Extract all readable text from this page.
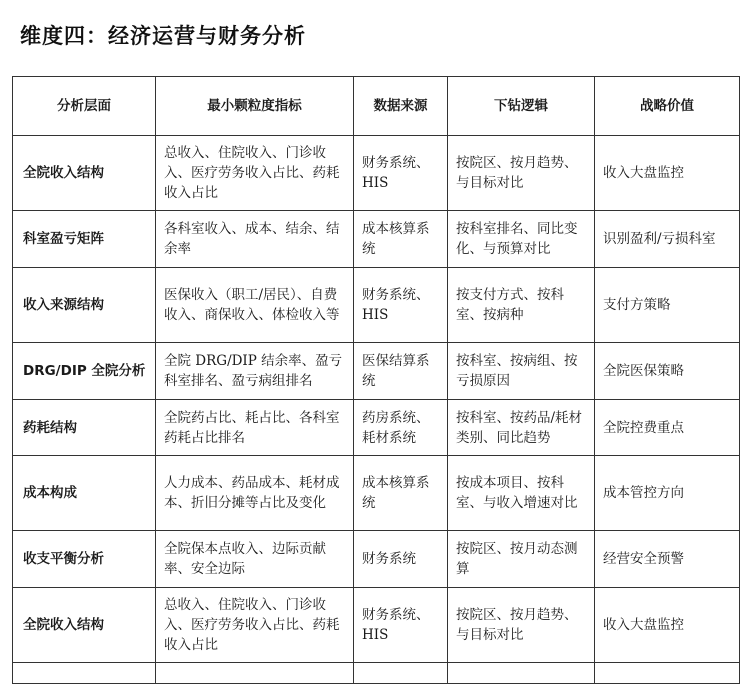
维度四：经济运营与财务分析
分析层面	最小颗粒度指标	数据来源	下钻逻辑	战略价值
全院收入结构	总收入、住院收入、门诊收入、医疗劳务收入占比、药耗收入占比	财务系统、HIS	按院区、按月趋势、与目标对比	收入大盘监控
科室盈亏矩阵	各科室收入、成本、结余、结余率	成本核算系统	按科室排名、同比变化、与预算对比	识别盈利/亏损科室
收入来源结构	医保收入（职工/居民）、自费收入、商保收入、体检收入等	财务系统、HIS	按支付方式、按科室、按病种	支付方策略
DRG/DIP 全院分析	全院 DRG/DIP 结余率、盈亏科室排名、盈亏病组排名	医保结算系统	按科室、按病组、按亏损原因	全院医保策略
药耗结构	全院药占比、耗占比、各科室药耗占比排名	药房系统、耗材系统	按科室、按药品/耗材类别、同比趋势	全院控费重点
成本构成	人力成本、药品成本、耗材成本、折旧分摊等占比及变化	成本核算系统	按成本项目、按科室、与收入增速对比	成本管控方向
收支平衡分析	全院保本点收入、边际贡献率、安全边际	财务系统	按院区、按月动态测算	经营安全预警
全院收入结构	总收入、住院收入、门诊收入、医疗劳务收入占比、药耗收入占比	财务系统、HIS	按院区、按月趋势、与目标对比	收入大盘监控
